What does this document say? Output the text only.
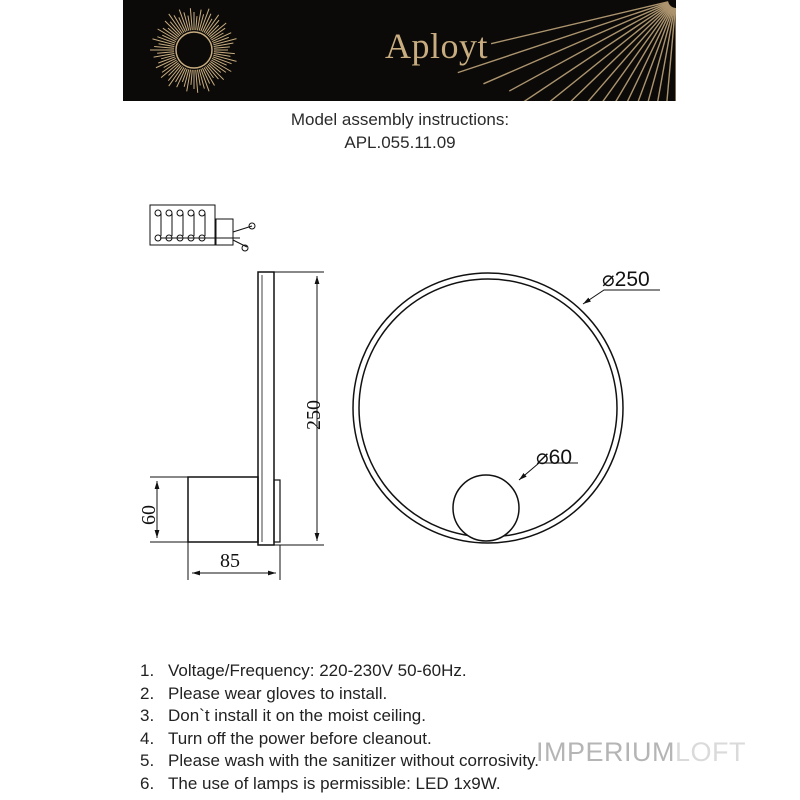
Aployt
Model assembly instructions:
APL.055.11.09
250
60
85
⌀250
⌀60
1. Voltage/Frequency: 220-230V 50-60Hz.
2. Please wear gloves to install.
3. Don`t install it on the moist ceiling.
4. Turn off the power before cleanout.
5. Please wash with the sanitizer without corrosivity.
6. The use of lamps is permissible: LED 1x9W.
IMPERIUMLOFT
